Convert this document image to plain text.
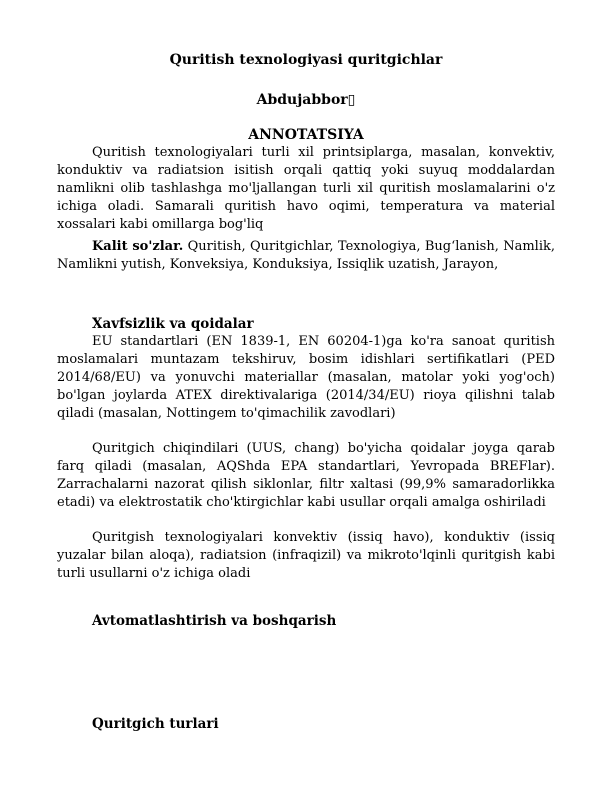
Quritish texnologiyasi quritgichlar
Abdujabbor▯
ANNOTATSIYA

Quritish texnologiyalari turli xil printsiplarga, masalan, konvektiv, konduktiv va radiatsion isitish orqali qattiq yoki suyuq moddalardan namlikni olib tashlashga mo'ljallangan turli xil quritish moslamalarini o'z ichiga oladi. Samarali quritish havo oqimi, temperatura va material xossalari kabi omillarga bog'liq

Kalit so'zlar. Quritish, Quritgichlar, Texnologiya, Bugʻlanish, Namlik, Namlikni yutish, Konveksiya, Konduksiya, Issiqlik uzatish, Jarayon,

Xavfsizlik va qoidalar

EU standartlari (EN 1839-1, EN 60204-1)ga ko'ra sanoat quritish moslamalari muntazam tekshiruv, bosim idishlari sertifikatlari (PED 2014/68/EU) va yonuvchi materiallar (masalan, matolar yoki yog'och) bo'lgan joylarda ATEX direktivalariga (2014/34/EU) rioya qilishni talab qiladi (masalan, Nottingem to'qimachilik zavodlari)

Quritgich chiqindilari (UUS, chang) bo'yicha qoidalar joyga qarab farq qiladi (masalan, AQShda EPA standartlari, Yevropada BREFlar). Zarrachalarni nazorat qilish siklonlar, filtr xaltasi (99,9% samaradorlikka etadi) va elektrostatik cho'ktirgichlar kabi usullar orqali amalga oshiriladi

Quritgish texnologiyalari konvektiv (issiq havo), konduktiv (issiq yuzalar bilan aloqa), radiatsion (infraqizil) va mikroto'lqinli quritgish kabi turli usullarni o'z ichiga oladi

Avtomatlashtirish va boshqarish
Quritgich turlari
